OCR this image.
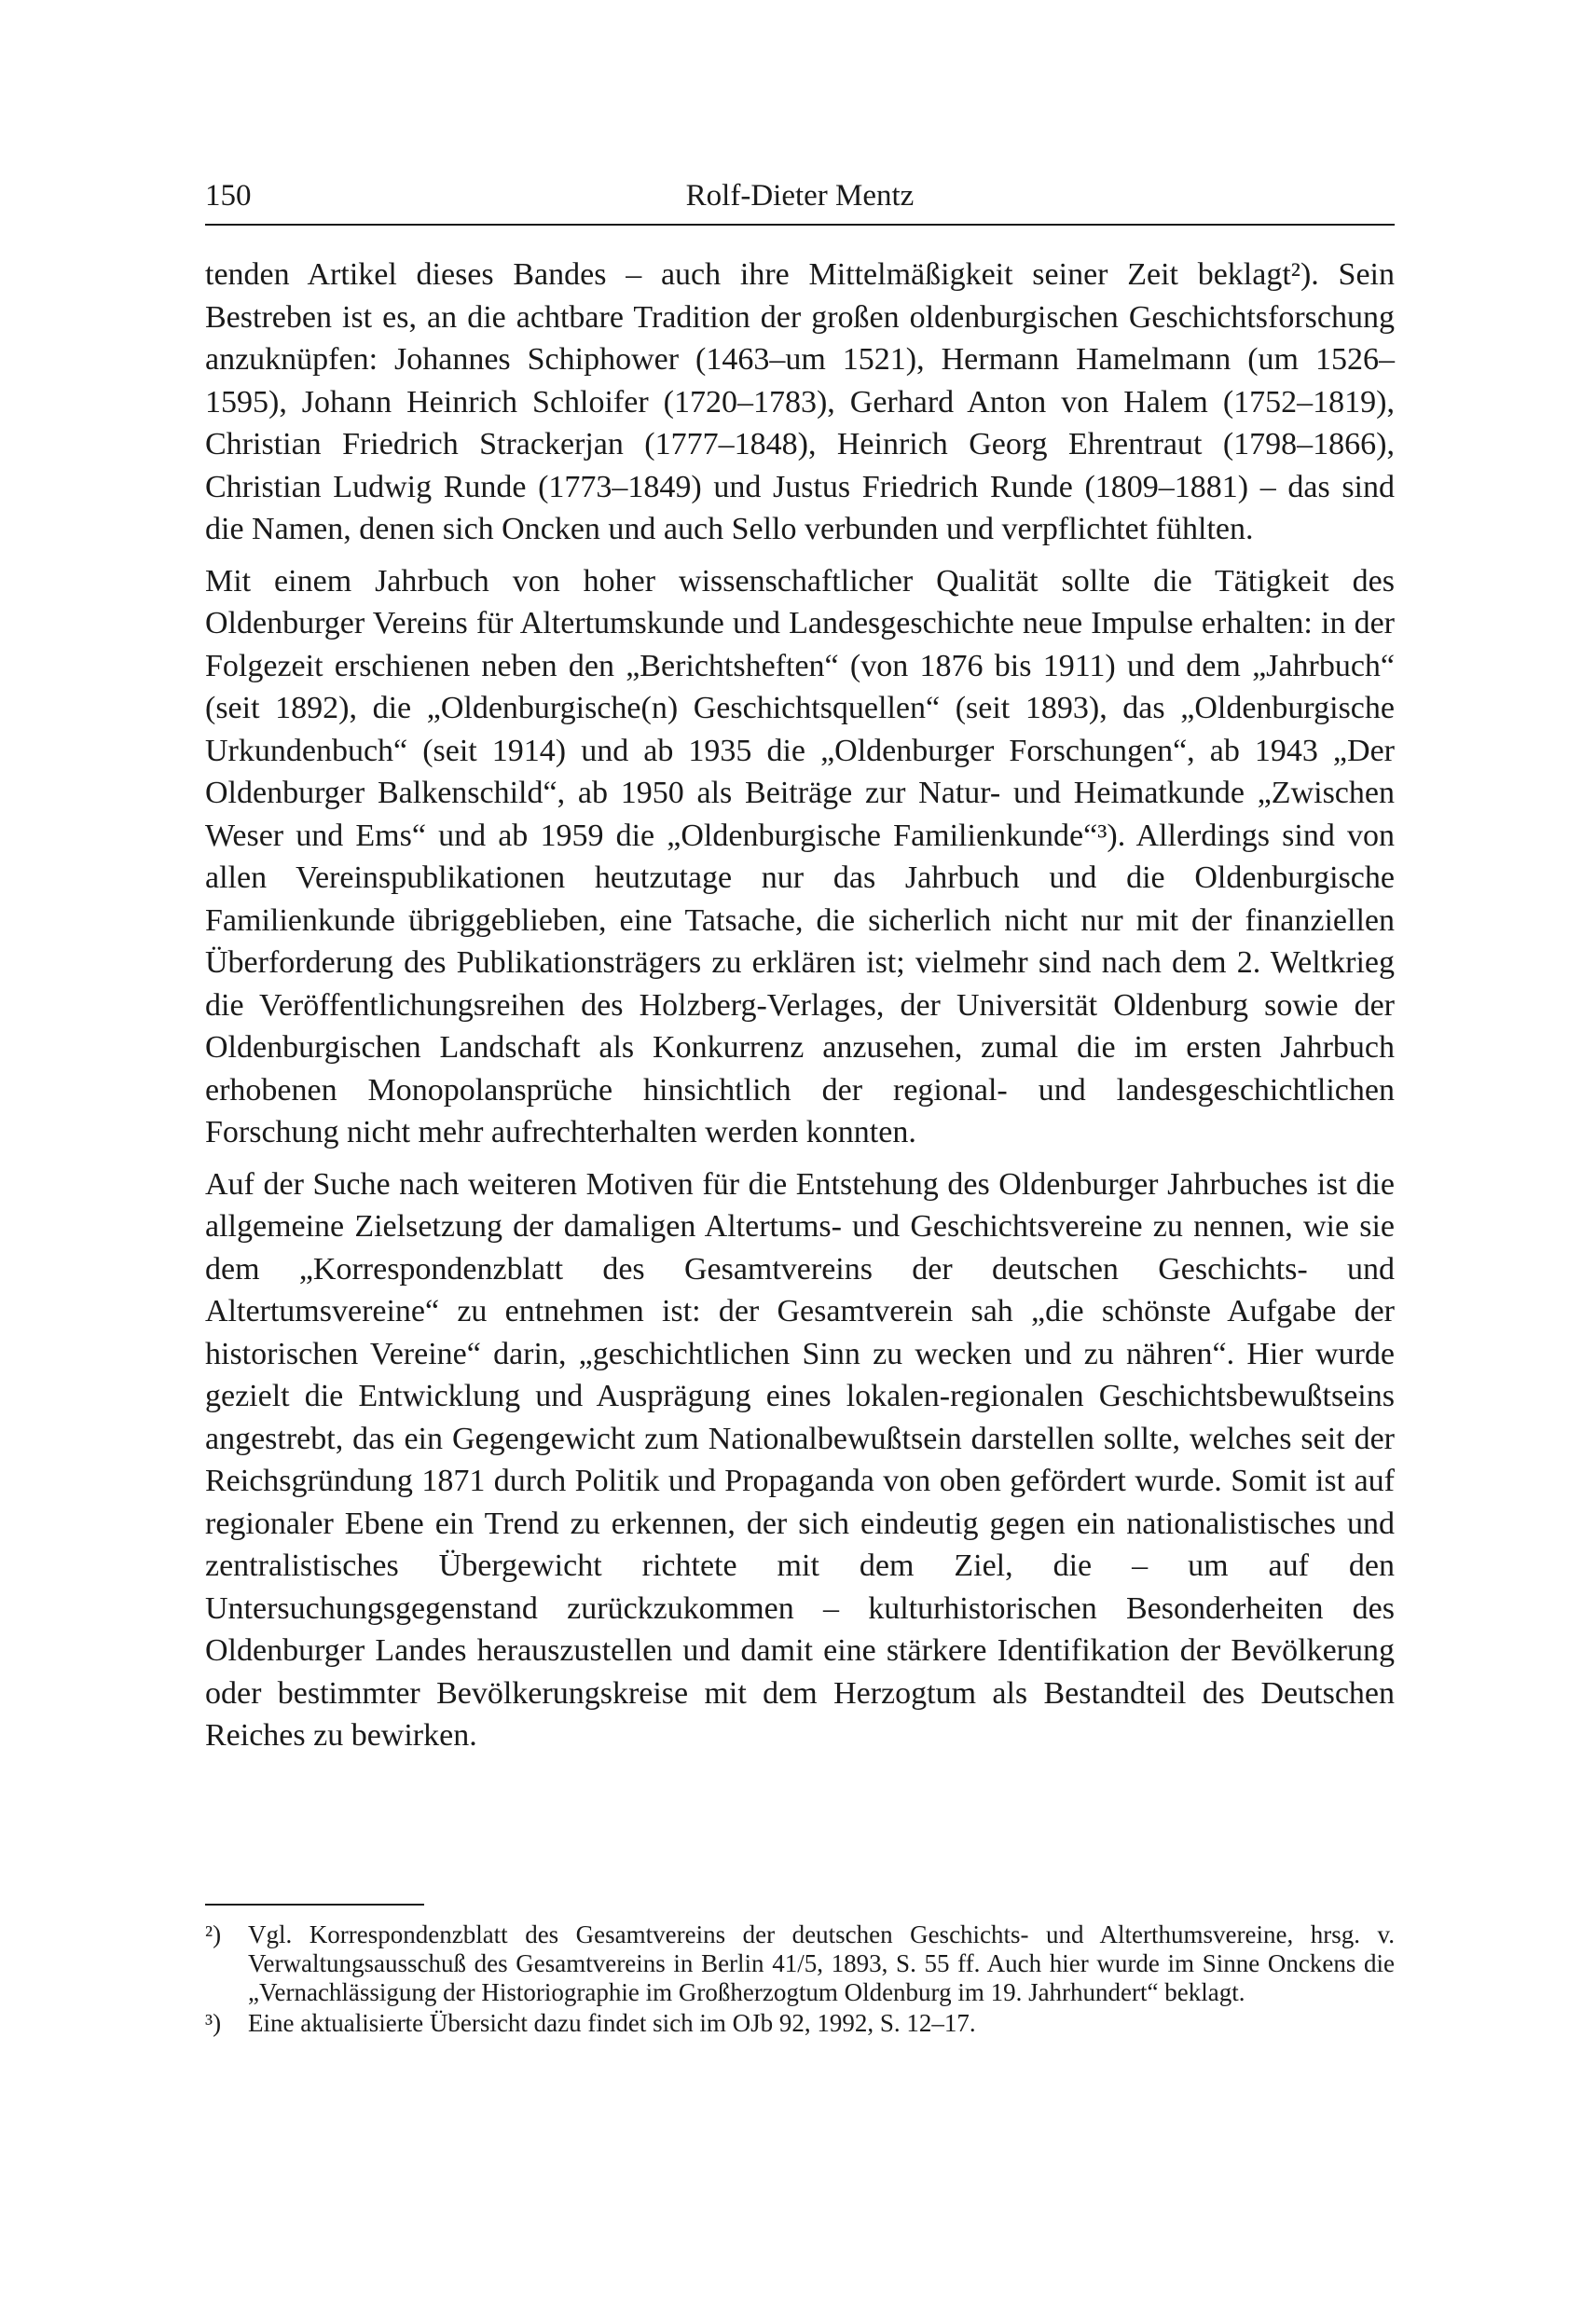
150	Rolf-Dieter Mentz

tenden Artikel dieses Bandes – auch ihre Mittelmäßigkeit seiner Zeit beklagt²). Sein Bestreben ist es, an die achtbare Tradition der großen oldenburgischen Geschichtsforschung anzuknüpfen: Johannes Schiphower (1463–um 1521), Hermann Hamelmann (um 1526–1595), Johann Heinrich Schloifer (1720–1783), Gerhard Anton von Halem (1752–1819), Christian Friedrich Strackerjan (1777–1848), Heinrich Georg Ehrentraut (1798–1866), Christian Ludwig Runde (1773–1849) und Justus Friedrich Runde (1809–1881) – das sind die Namen, denen sich Oncken und auch Sello verbunden und verpflichtet fühlten.

Mit einem Jahrbuch von hoher wissenschaftlicher Qualität sollte die Tätigkeit des Oldenburger Vereins für Altertumskunde und Landesgeschichte neue Impulse erhalten: in der Folgezeit erschienen neben den „Berichtsheften“ (von 1876 bis 1911) und dem „Jahrbuch“ (seit 1892), die „Oldenburgische(n) Geschichtsquellen“ (seit 1893), das „Oldenburgische Urkundenbuch“ (seit 1914) und ab 1935 die „Oldenburger Forschungen“, ab 1943 „Der Oldenburger Balkenschild“, ab 1950 als Beiträge zur Natur- und Heimatkunde „Zwischen Weser und Ems“ und ab 1959 die „Oldenburgische Familienkunde“³). Allerdings sind von allen Vereinspublikationen heutzutage nur das Jahrbuch und die Oldenburgische Familienkunde übriggeblieben, eine Tatsache, die sicherlich nicht nur mit der finanziellen Überforderung des Publikationsträgers zu erklären ist; vielmehr sind nach dem 2. Weltkrieg die Veröffentlichungsreihen des Holzberg-Verlages, der Universität Oldenburg sowie der Oldenburgischen Landschaft als Konkurrenz anzusehen, zumal die im ersten Jahrbuch erhobenen Monopolansprüche hinsichtlich der regional- und landesgeschichtlichen Forschung nicht mehr aufrechterhalten werden konnten.

Auf der Suche nach weiteren Motiven für die Entstehung des Oldenburger Jahrbuches ist die allgemeine Zielsetzung der damaligen Altertums- und Geschichtsvereine zu nennen, wie sie dem „Korrespondenzblatt des Gesamtvereins der deutschen Geschichts- und Altertumsvereine“ zu entnehmen ist: der Gesamtverein sah „die schönste Aufgabe der historischen Vereine“ darin, „geschichtlichen Sinn zu wecken und zu nähren“. Hier wurde gezielt die Entwicklung und Ausprägung eines lokalen-regionalen Geschichtsbewußtseins angestrebt, das ein Gegengewicht zum Nationalbewußtsein darstellen sollte, welches seit der Reichsgründung 1871 durch Politik und Propaganda von oben gefördert wurde. Somit ist auf regionaler Ebene ein Trend zu erkennen, der sich eindeutig gegen ein nationalistisches und zentralistisches Übergewicht richtete mit dem Ziel, die – um auf den Untersuchungsgegenstand zurückzukommen – kulturhistorischen Besonderheiten des Oldenburger Landes herauszustellen und damit eine stärkere Identifikation der Bevölkerung oder bestimmter Bevölkerungskreise mit dem Herzogtum als Bestandteil des Deutschen Reiches zu bewirken.

²)	Vgl. Korrespondenzblatt des Gesamtvereins der deutschen Geschichts- und Alterthumsvereine, hrsg. v. Verwaltungsausschuß des Gesamtvereins in Berlin 41/5, 1893, S. 55 ff. Auch hier wurde im Sinne Onckens die „Vernachlässigung der Historiographie im Großherzogtum Oldenburg im 19. Jahrhundert“ beklagt.
³)	Eine aktualisierte Übersicht dazu findet sich im OJb 92, 1992, S. 12–17.
